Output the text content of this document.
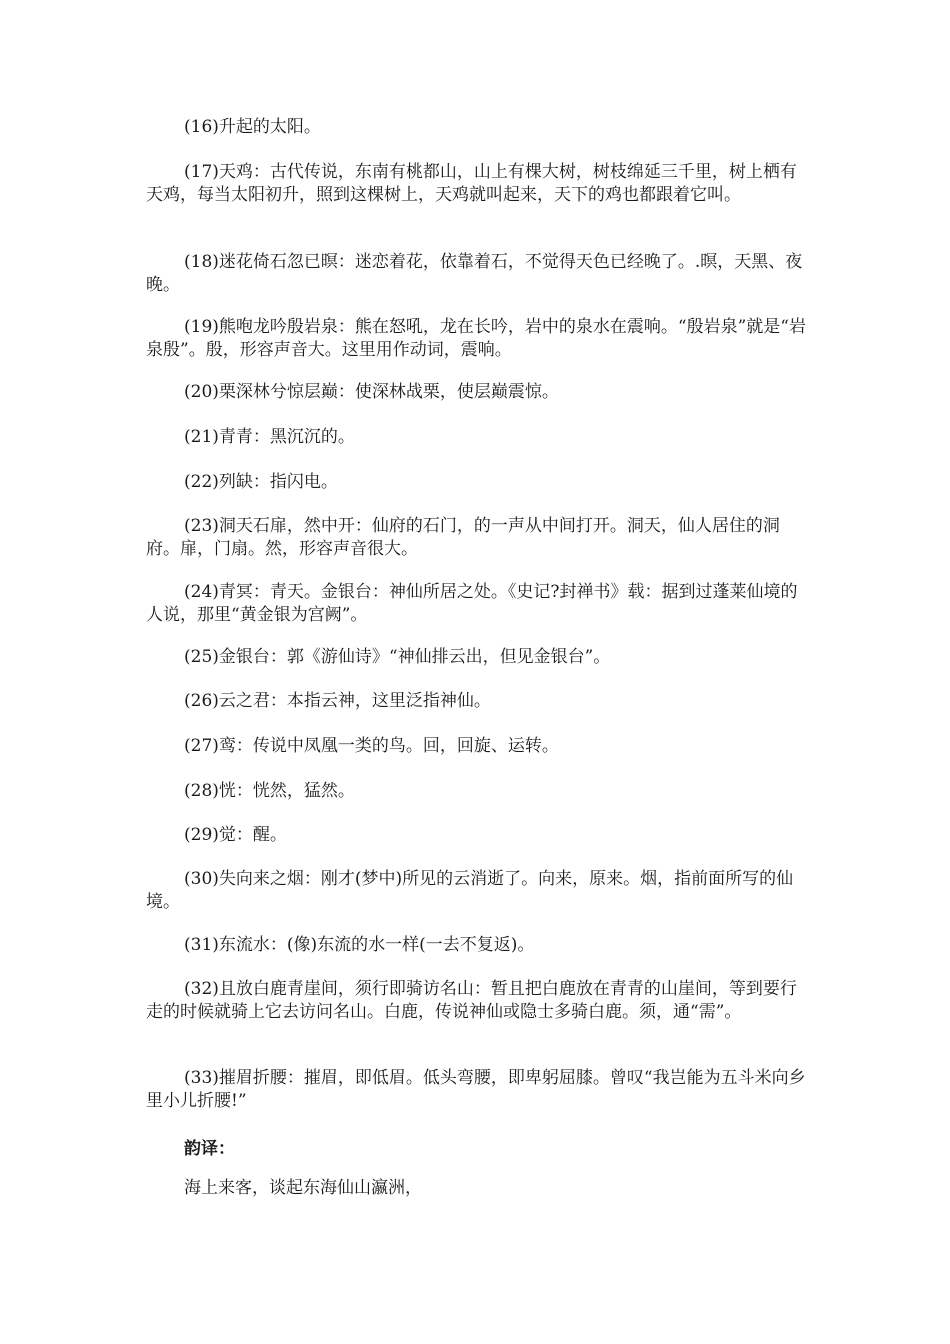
(16)升起的太阳。

(17)天鸡：古代传说，东南有桃都山，山上有棵大树，树枝绵延三千里，树上栖有天鸡，每当太阳初升，照到这棵树上，天鸡就叫起来，天下的鸡也都跟着它叫。

(18)迷花倚石忽已暝：迷恋着花，依靠着石，不觉得天色已经晚了。.暝，天黑、夜晚。

(19)熊咆龙吟殷岩泉：熊在怒吼，龙在长吟，岩中的泉水在震响。“殷岩泉”就是“岩泉殷”。殷，形容声音大。这里用作动词，震响。

(20)栗深林兮惊层巅：使深林战栗，使层巅震惊。

(21)青青：黑沉沉的。

(22)列缺：指闪电。

(23)洞天石扉，然中开：仙府的石门，的一声从中间打开。洞天，仙人居住的洞府。扉，门扇。然，形容声音很大。

(24)青冥：青天。金银台：神仙所居之处。《史记?封禅书》载：据到过蓬莱仙境的人说，那里“黄金银为宫阙”。

(25)金银台：郭《游仙诗》“神仙排云出，但见金银台”。

(26)云之君：本指云神，这里泛指神仙。

(27)鸾：传说中凤凰一类的鸟。回，回旋、运转。

(28)恍：恍然，猛然。

(29)觉：醒。

(30)失向来之烟：刚才(梦中)所见的云消逝了。向来，原来。烟，指前面所写的仙境。

(31)东流水：(像)东流的水一样(一去不复返)。

(32)且放白鹿青崖间，须行即骑访名山：暂且把白鹿放在青青的山崖间，等到要行走的时候就骑上它去访问名山。白鹿，传说神仙或隐士多骑白鹿。须，通“需”。

(33)摧眉折腰：摧眉，即低眉。低头弯腰，即卑躬屈膝。曾叹“我岂能为五斗米向乡里小儿折腰!”

韵译：

海上来客，谈起东海仙山瀛洲，
